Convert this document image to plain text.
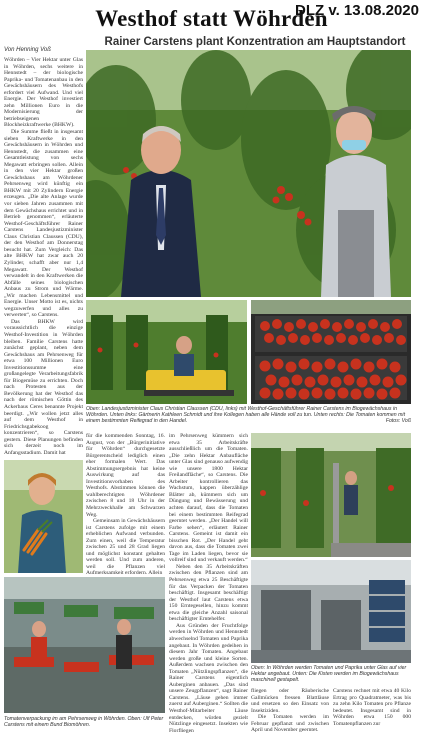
DLZ v. 13.08.2020
Westhof statt Wöhrden
Rainer Carstens plant Konzentration am Hauptstandort
Von Henning Voß

Wöhrden – Vier Hektar unter Glas in Wöhrden, sechs weitere in Hennstedt – der biologische Paprika- und Tomatenanbau in den Gewächshäusern des Westhofs erfordert viel Aufwand. Und viel Energie. Der Westhof investiert zehn Millionen Euro in die Modernisierung der betriebseigenen Blockheizkraftwerke (BHKW).

Die Summe fließt in insgesamt sieben Kraftwerke in den Gewächshäusern in Wöhrden und Hennstedt, die zusammen eine Gesamtleistung von sechs Megawatt erbringen sollen. Allein in den vier Hektar großen Gewächshaus am Wöhrdener Pehrsenweg wird künftig ein BHKW mit 20 Zylindern Energie erzeugen. „Die alte Anlage wurde vor sieben Jahren zusammen mit dem Gewächshaus errichtet und in Betrieb genommen“, erläuterte Westhof-Geschäftsführer Rainer Carstens Landesjustizminister Claus Christian Claussen (CDU), der den Westhof am Donnerstag besucht hat. Zum Vergleich: Das alte BHKW hat zwar auch 20 Zylinder, schafft aber nur 1,4 Megawatt. Der Westhof verwandelt in den Kraftwerken die Abfälle seines biologischen Anbaus zu Strom und Wärme. „Wir machen Lebensmittel und Energie. Unser Motto ist es, nichts wegzuwerfen und alles zu verwerten“, so Carstens.

Das BHKW wird voraussichtlich die einzige Westhof-Investition in Wöhrden bleiben. Familie Carstens hatte zunächst geplant, neben dem Gewächshaus am Pehrsenweg für etwa 100 Millionen Euro Investitionssumme eine großangelegte Verarbeitungsfabrik für Biogemüse zu errichten. Doch nach Protesten aus der Bevölkerung hat der Westhof das nach der römischen Göttin des Ackerbaus Ceres benannte Projekt beerdigt. „Wir wollen jetzt alles auf dem Westhof in Friedrichsgabekoog konzentrieren“, so Carstens gestern. Diese Planungen befinden sich derzeit noch im Anfangsstadium. Damit hat

Oben: Landesjustizminister Claus Christian Claussen (CDU, links) mit Westhof-Geschäftsführer Rainer Carstens im Biogewächshaus in Wöhrden. Unten links: Gärtnerin Kathleen Schmidt und ihre Kollegen haben alle Hände voll zu tun. Unten rechts: Die Tomaten kommen mit einem bestimmten Reifegrad in den Handel.	Fotos: Voß

für die kommenden Sonntag, 16. August, von der „Bürgerinitiative für Wöhrden“ durchgesetzte Bürgerentscheid lediglich einen eher formalen Wert. Das Abstimmungsergebnis hat keine Auswirkung auf das Investitionsvorhaben des Westhofs. Abstimmen können die wahlberechtigten Wöhrdener zwischen 8 und 18 Uhr in der Mehrzweckhalle am Schwarzen Weg.

Gemeinsam in Gewächshäusern ist Carstens zufolge mit einem erheblichen Aufwand verbunden. Zum einen, weil die Temperatur zwischen 25 und 28 Grad liegen und möglichst konstant gehalten werden soll. Und zum anderen, weil die Pflanzen viel Aufmerksamkeit erfordern. Allein

im Pehrsenweg kümmern sich etwa 35 Arbeitskräfte ausschließlich um die Tomaten. „Die zehn Hektar Anbaufläche unter Glas sind genauso aufwendig wie unsere 1800 Hektar Freilandfläche“, so Carstens. Die Arbeiter kontrollieren das Wachstum, kappen überzählige Blätter ab, kümmern sich um Düngung und Bewässerung und achten darauf, dass die Tomaten bei einem bestimmten Reifegrad geerntet werden. „Der Handel will Farbe sehen“, erläutert Rainer Carstens. Gemeint ist damit ein bisschen Rot. „Der Handel geht davon aus, dass die Tomaten zwei Tage im Laden liegen, bevor sie vollreif sind und verkauft werden.“

Neben den 35 Arbeitskräften zwischen den Pflanzen sind am Pehrsenweg etwa 25 Beschäftigte für das Verpacken der Tomaten beschäftigt. Insgesamt beschäftigt der Westhof laut Carstens etwa 150 Erntegesellen, hinzu kommt etwa die gleiche Anzahl saisonal beschäftigter Erntehelfer.

Aus Gründen der Fruchtfolge werden in Wöhrden und Hennstedt abwechselnd Tomaten und Paprika angebaut. In Wöhrden gedeihen in diesem Jahr Tomaten. Angebaut werden große und kleine Sorten. Außerdem wachsen zwischen den Tomaten „Nützlingspflanzen“, die Rainer Carstens eigentlich Auberginen anbauen. „Das sind unsere Zeugpflanzen“, sagt Rainer Carstens. „Läuse gehen immer zuerst auf Auberginen.“ Sollten die Westhof-Mitarbeiter Läuse entdecken, würden gezielt Nützlinge eingesetzt. Insekten wie Florfliegen

Tomatenverpackung im am Pehrsenweg in Wöhrden. Oben: Ulf Peter Carstens mit einem Bund Biomöhren.
Oben: In Wöhrden werden Tomaten und Paprika unter Glas auf vier Hektar angebaut. Unten: Die Kisten werden im Biogewächshaus maschinell gestapelt.

fliegen oder Räuberische Gallmücken fressen Blattläuse und ersetzen so den Einsatz von Insektiziden.

Die Tomaten werden im Februar gepflanzt und zwischen April und November geerntet.

Carstens rechnet mit etwa 40 Kilo Ertrag pro Quadratmeter, was bis zu zehn Kilo Tomaten pro Pflanze bedeutet. Insgesamt sind in Wöhrden etwa 150 000 Tomatenpflanzen zur
